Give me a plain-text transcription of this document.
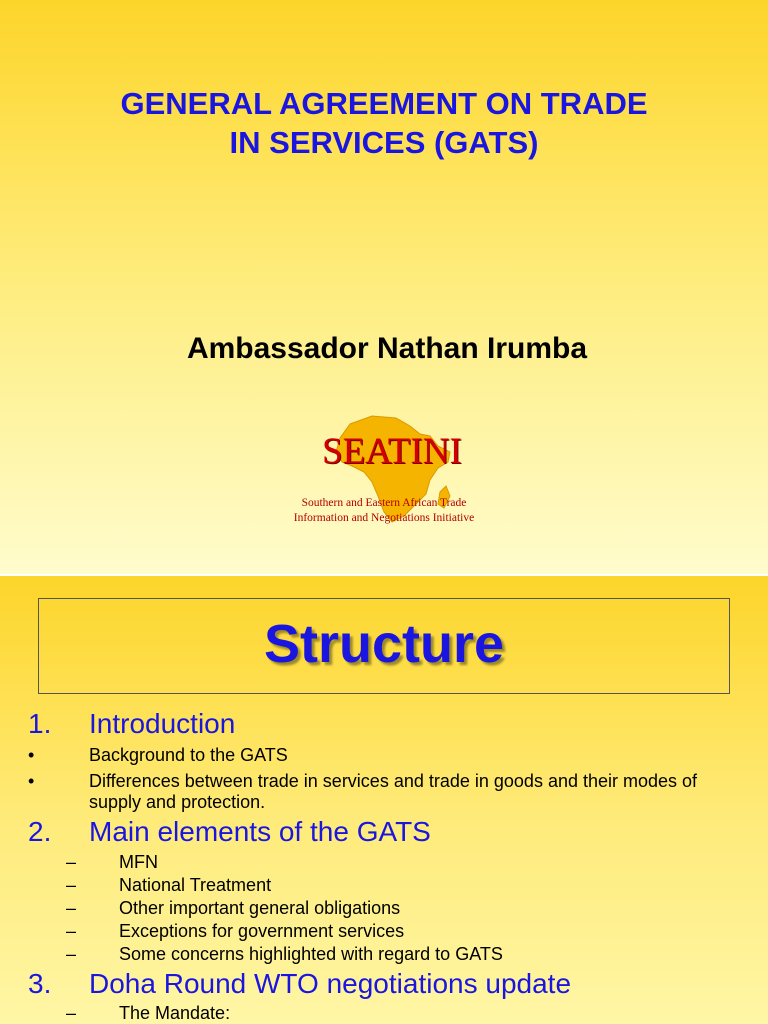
GENERAL AGREEMENT ON TRADE
IN SERVICES (GATS)

Ambassador Nathan Irumba

SEATINI
Southern and Eastern African Trade
Information and Negotiations Initiative
Structure
1. Introduction
•	Background to the GATS
•	Differences between trade in services and trade in goods and their modes of supply and protection.
2. Main elements of the GATS
– MFN
– National Treatment
– Other important general obligations
– Exceptions for government services
– Some concerns highlighted with regard to GATS
3. Doha Round WTO negotiations update
– The Mandate:
